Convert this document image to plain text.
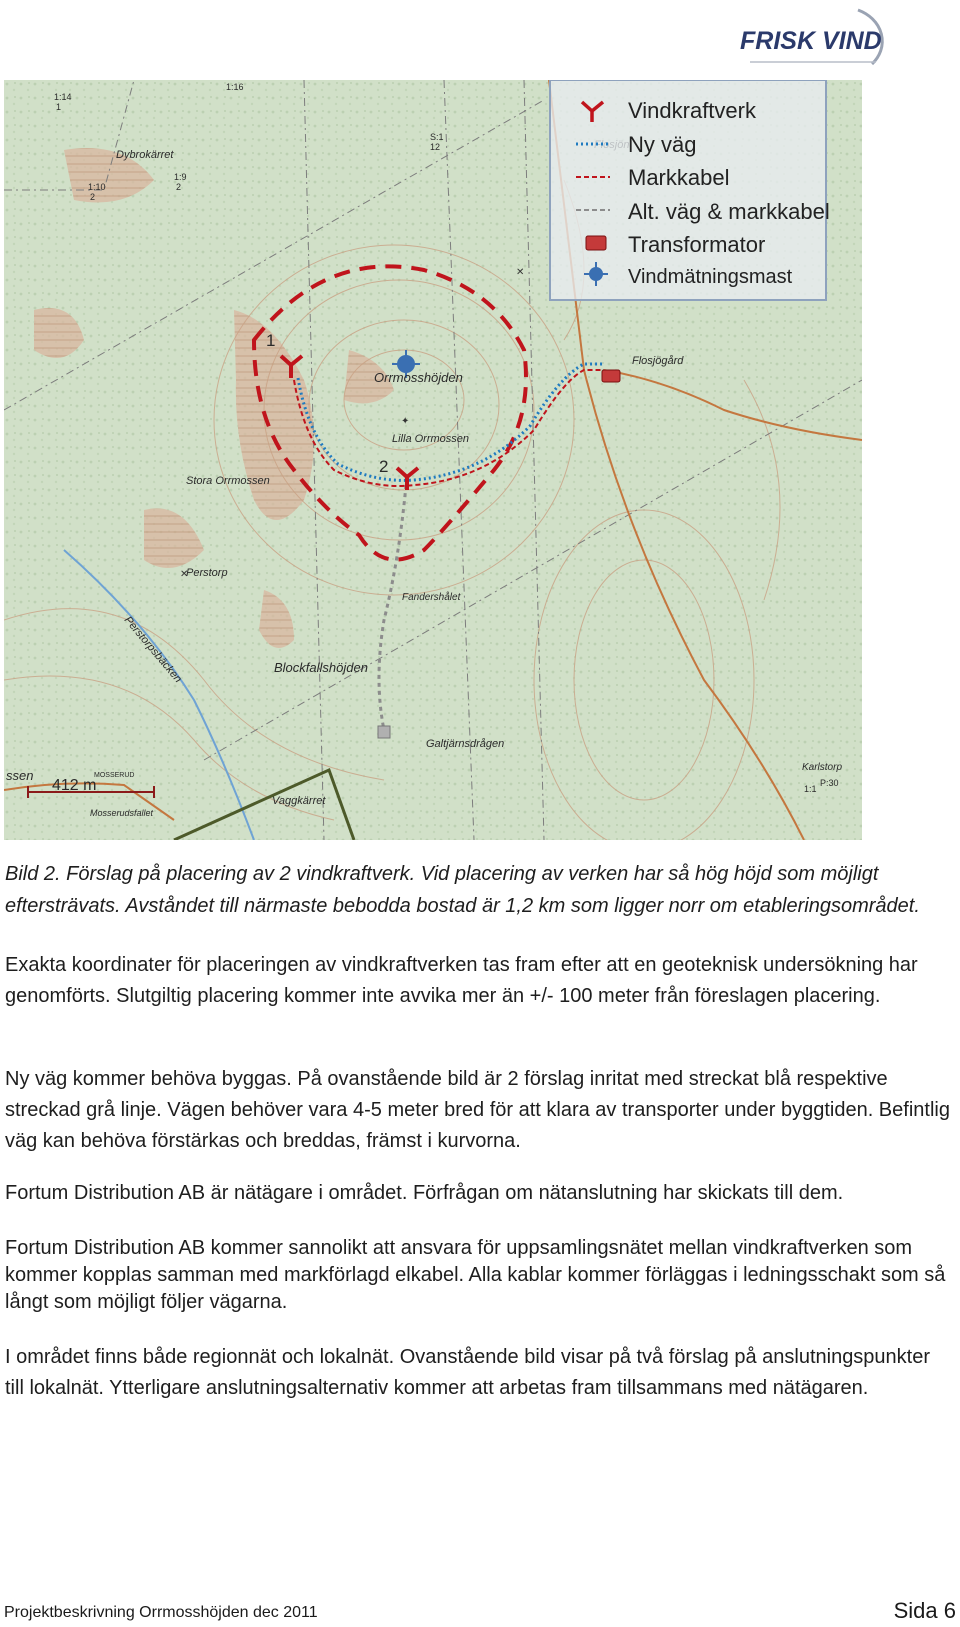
FRISK VIND
1
2
Dybrokärret
Orrmosshöjden
Lilla Orrmossen
Stora Orrmossen
Flosjögård
Perstorp
Perstorpsbäcken
Fandershålet
Blockfallshöjden
Galtjärnsdrågen
Karlstorp
Vaggkärret
Mosserudsfallet
MOSSERUD
ssen
1:14
1
1:16
1:10
2
1:9
2
S:1
12
P:30
1:1
✕
✕
✦
412 m
Vindkraftverk
Ny väg
Markkabel
Alt. väg & markkabel
Transformator
Vindmätningsmast
Bild 2. Förslag på placering av 2 vindkraftverk. Vid placering av verken har så hög höjd som möjligt eftersträvats. Avståndet till närmaste bebodda bostad är 1,2 km som ligger norr om etableringsområdet.
Exakta koordinater för placeringen av vindkraftverken tas fram efter att en geoteknisk undersökning har genomförts. Slutgiltig placering kommer inte avvika mer än +/- 100 meter från föreslagen placering.
Ny väg kommer behöva byggas. På ovanstående bild är 2 förslag inritat med streckat blå respektive streckad grå linje. Vägen behöver vara 4-5 meter bred för att klara av transporter under byggtiden. Befintlig väg kan behöva förstärkas och breddas, främst i kurvorna.
Fortum Distribution AB är nätägare i området. Förfrågan om nätanslutning har skickats till dem.
Fortum Distribution AB kommer sannolikt att ansvara för uppsamlingsnätet mellan vindkraftverken som kommer kopplas samman med markförlagd elkabel. Alla kablar kommer förläggas i ledningsschakt som så långt som möjligt följer vägarna.
I området finns både regionnät och lokalnät. Ovanstående bild visar på två förslag på anslutningspunkter till lokalnät. Ytterligare anslutningsalternativ kommer att arbetas fram tillsammans med nätägaren.
Projektbeskrivning Orrmosshöjden dec 2011	Sida 6
